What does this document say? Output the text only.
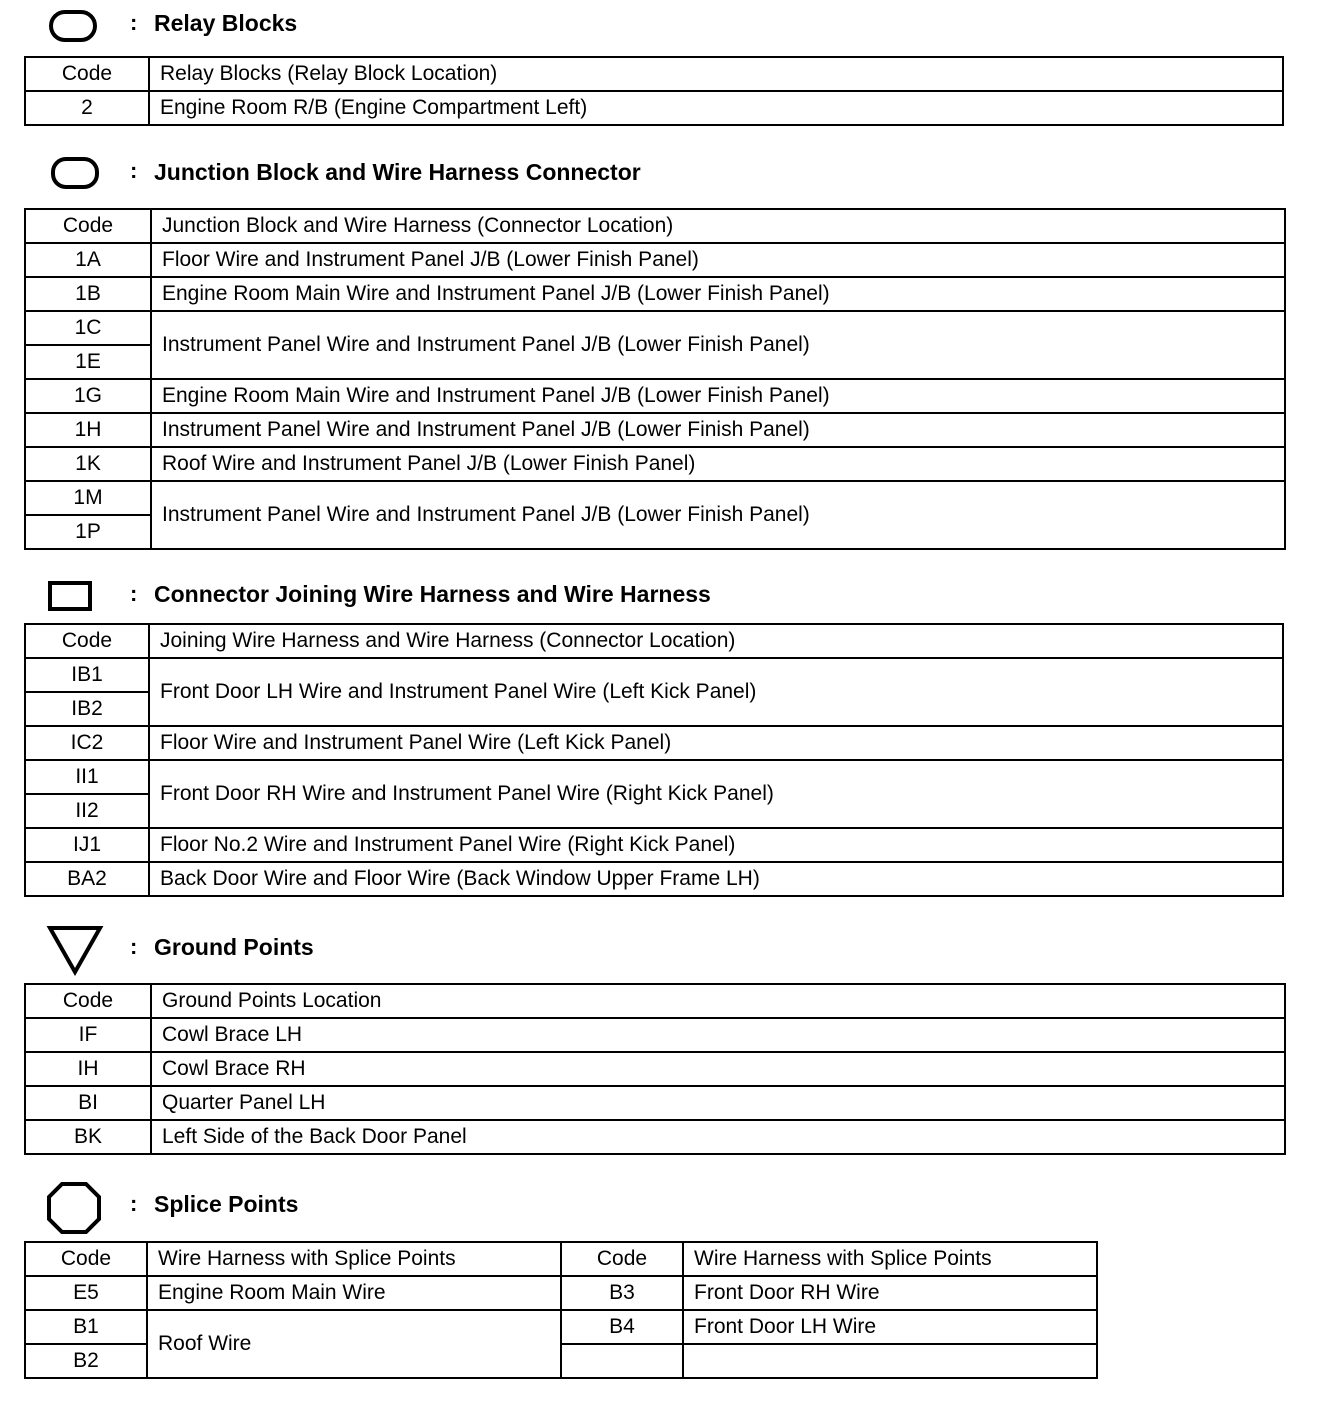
: Relay Blocks
Code	Relay Blocks (Relay Block Location)
2	Engine Room R/B (Engine Compartment Left)
: Junction Block and Wire Harness Connector
Code	Junction Block and Wire Harness (Connector Location)
1A	Floor Wire and Instrument Panel J/B (Lower Finish Panel)
1B	Engine Room Main Wire and Instrument Panel J/B (Lower Finish Panel)
1C	Instrument Panel Wire and Instrument Panel J/B (Lower Finish Panel)
1E	
1G	Engine Room Main Wire and Instrument Panel J/B (Lower Finish Panel)
1H	Instrument Panel Wire and Instrument Panel J/B (Lower Finish Panel)
1K	Roof Wire and Instrument Panel J/B (Lower Finish Panel)
1M	Instrument Panel Wire and Instrument Panel J/B (Lower Finish Panel)
1P	
: Connector Joining Wire Harness and Wire Harness
Code	Joining Wire Harness and Wire Harness (Connector Location)
IB1	Front Door LH Wire and Instrument Panel Wire (Left Kick Panel)
IB2	
IC2	Floor Wire and Instrument Panel Wire (Left Kick Panel)
II1	Front Door RH Wire and Instrument Panel Wire (Right Kick Panel)
II2	
IJ1	Floor No.2 Wire and Instrument Panel Wire (Right Kick Panel)
BA2	Back Door Wire and Floor Wire (Back Window Upper Frame LH)
: Ground Points
Code	Ground Points Location
IF	Cowl Brace LH
IH	Cowl Brace RH
BI	Quarter Panel LH
BK	Left Side of the Back Door Panel
: Splice Points
Code	Wire Harness with Splice Points	Code	Wire Harness with Splice Points
E5	Engine Room Main Wire	B3	Front Door RH Wire
B1	Roof Wire	B4	Front Door LH Wire
B2			
